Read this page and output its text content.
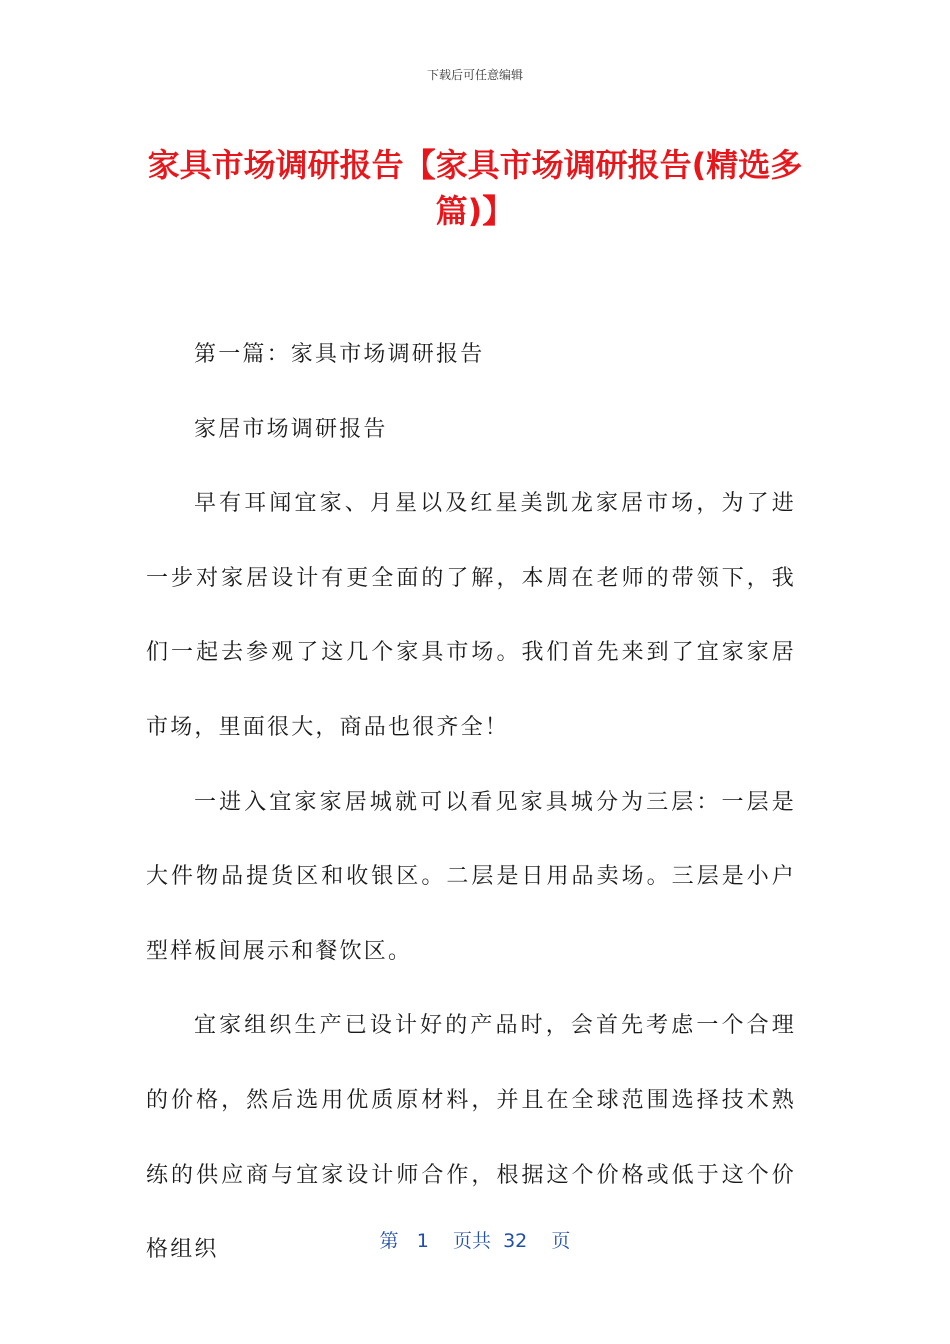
下载后可任意编辑
家具市场调研报告【家具市场调研报告(精选多篇)】

第一篇：家具市场调研报告

家居市场调研报告

早有耳闻宜家、月星以及红星美凯龙家居市场，为了进一步对家居设计有更全面的了解，本周在老师的带领下，我们一起去参观了这几个家具市场。我们首先来到了宜家家居市场，里面很大，商品也很齐全！

一进入宜家家居城就可以看见家具城分为三层：一层是大件物品提货区和收银区。二层是日用品卖场。三层是小户型样板间展示和餐饮区。

宜家组织生产已设计好的产品时，会首先考虑一个合理的价格，然后选用优质原材料，并且在全球范围选择技术熟练的供应商与宜家设计师合作，根据这个价格或低于这个价格组织	第 1 页共 32 页
